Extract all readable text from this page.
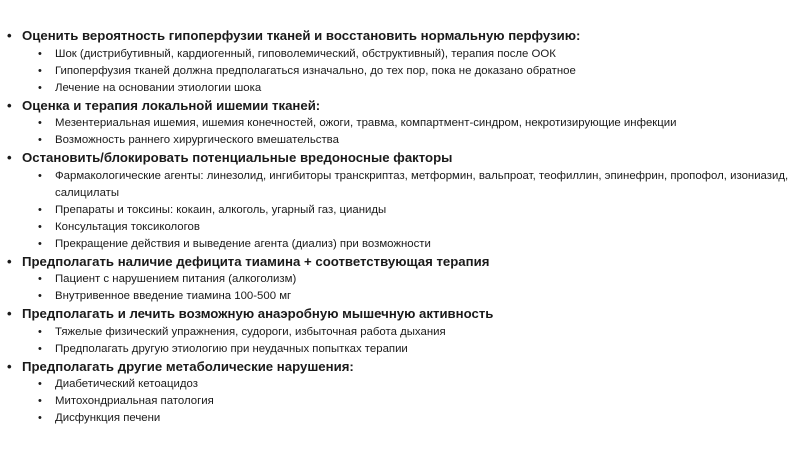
• Оценить вероятность гипоперфузии тканей и восстановить нормальную перфузию:
• Шок (дистрибутивный, кардиогенный, гиповолемический, обструктивный), терапия после ООК
• Гипоперфузия тканей должна предполагаться изначально, до тех пор, пока не доказано обратное
• Лечение на основании этиологии шока
• Оценка и терапия локальной ишемии тканей:
• Мезентериальная ишемия, ишемия конечностей, ожоги, травма, компартмент-синдром, некротизирующие инфекции
• Возможность раннего хирургического вмешательства
• Остановить/блокировать потенциальные вредоносные факторы
• Фармакологические агенты: линезолид, ингибиторы транскриптаз, метформин, вальпроат, теофиллин, эпинефрин, пропофол, изониазид, салицилаты
• Препараты и токсины: кокаин, алкоголь, угарный газ, цианиды
• Консультация токсикологов
• Прекращение действия и выведение агента (диализ) при возможности
• Предполагать наличие дефицита тиамина + соответствующая терапия
• Пациент с нарушением питания (алкоголизм)
• Внутривенное введение тиамина 100-500 мг
• Предполагать и лечить возможную анаэробную мышечную активность
• Тяжелые физический упражнения, судороги, избыточная работа дыхания
• Предполагать другую этиологию при неудачных попытках терапии
• Предполагать другие метаболические нарушения:
• Диабетический кетоацидоз
• Митохондриальная патология
• Дисфункция печени
